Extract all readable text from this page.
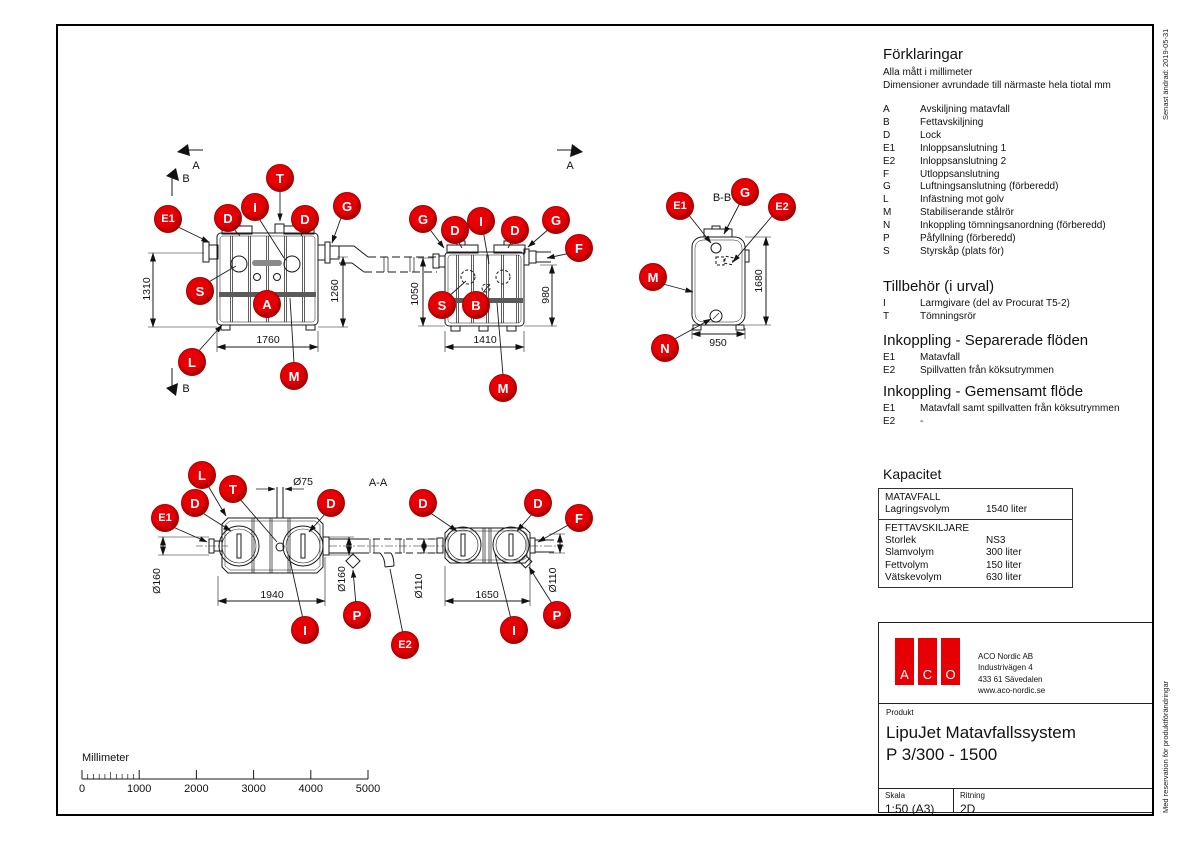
Förklaringar

Alla mått i millimeter
Dimensioner avrundade till närmaste hela tiotal mm
A	Avskiljning matavfall
B	Fettavskiljning
D	Lock
E1	Inloppsanslutning 1
E2	Inloppsanslutning 2
F	Utloppsanslutning
G	Luftningsanslutning (förberedd)
L	Infästning mot golv
M	Stabiliserande stålrör
N	Inkoppling tömningsanordning (förberedd)
P	Påfyllning (förberedd)
S	Styrskåp (plats för)

Tillbehör (i urval)

I	Larmgivare (del av Procurat T5-2)
T	Tömningsrör

Inkoppling - Separerade flöden

E1	Matavfall
E2	Spillvatten från köksutrymmen

Inkoppling - Gemensamt flöde

E1	Matavfall samt spillvatten från köksutrymmen
E2	-

Kapacitet

MATAVFALL
Lagringsvolym	1540 liter
FETTAVSKILJARE
Storlek	NS3
Slamvolym	300 liter
Fettvolym	150 liter
Vätskevolym	630 liter
A	C	O
ACO Nordic AB
Industrivägen 4
433 61 Sävedalen
www.aco-nordic.se
Produkt
LipuJet Matavfallssystem
P 3/300 - 1500
Skala
1:50 (A3)
Ritning
2D
Senast ändrad: 2019-05-31
Med reservation för produktförändringar
Millimeter
E1	D
I
T
D
G
S
A
L
M
G
D
I
D
G
F
S	B
M
E1
G
E2
M
N
L
T
D
E1
D
P
I
E2
D	D
F
P
I
1310	1260
1760
1050	980
1410
1680
950
Ø75
Ø160
1940
Ø160	Ø110	1650
Ø110
B-B
A-A
A
B
B
A
0	1000	2000	3000	4000	5000
